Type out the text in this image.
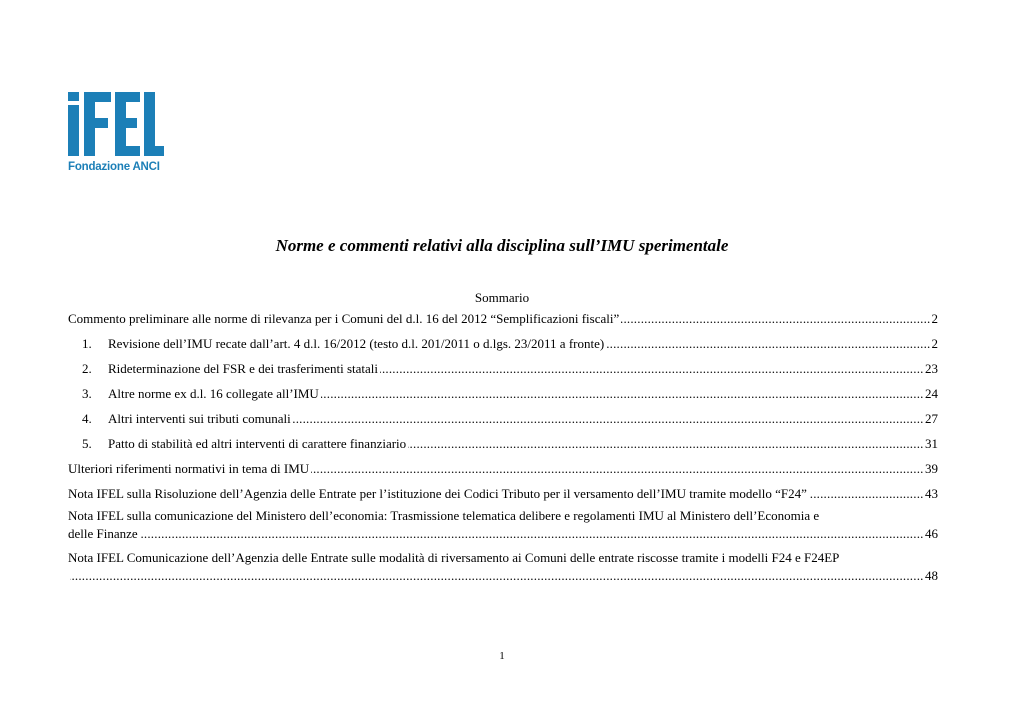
Fondazione ANCI
Norme e commenti relativi alla disciplina sull’IMU sperimentale
Sommario
..... Commento preliminare alle norme di rilevanza per i Comuni del d.l. 16 del 2012 “Semplificazioni fiscali”	2
..... 1. Revisione dell’IMU recate dall’art. 4 d.l. 16/2012 (testo d.l. 201/2011 o d.lgs. 23/2011 a fronte)	2
..... 2. Rideterminazione del FSR e dei trasferimenti statali	23
..... 3. Altre norme ex d.l. 16 collegate all’IMU	24
..... 4. Altri interventi sui tributi comunali	27
..... 5. Patto di stabilità ed altri interventi di carattere finanziario	31
..... Ulteriori riferimenti normativi in tema di IMU	39
..... Nota IFEL sulla Risoluzione dell’Agenzia delle Entrate per l’istituzione dei Codici Tributo per il versamento dell’IMU tramite modello “F24”	43
Nota IFEL sulla comunicazione del Ministero dell’economia: Trasmissione telematica delibere e regolamenti IMU al Ministero dell’Economia e
..... delle Finanze	46
Nota IFEL Comunicazione dell’Agenzia delle Entrate sulle modalità di riversamento ai Comuni delle entrate riscosse tramite i modelli F24 e F24EP
..... 48
1
